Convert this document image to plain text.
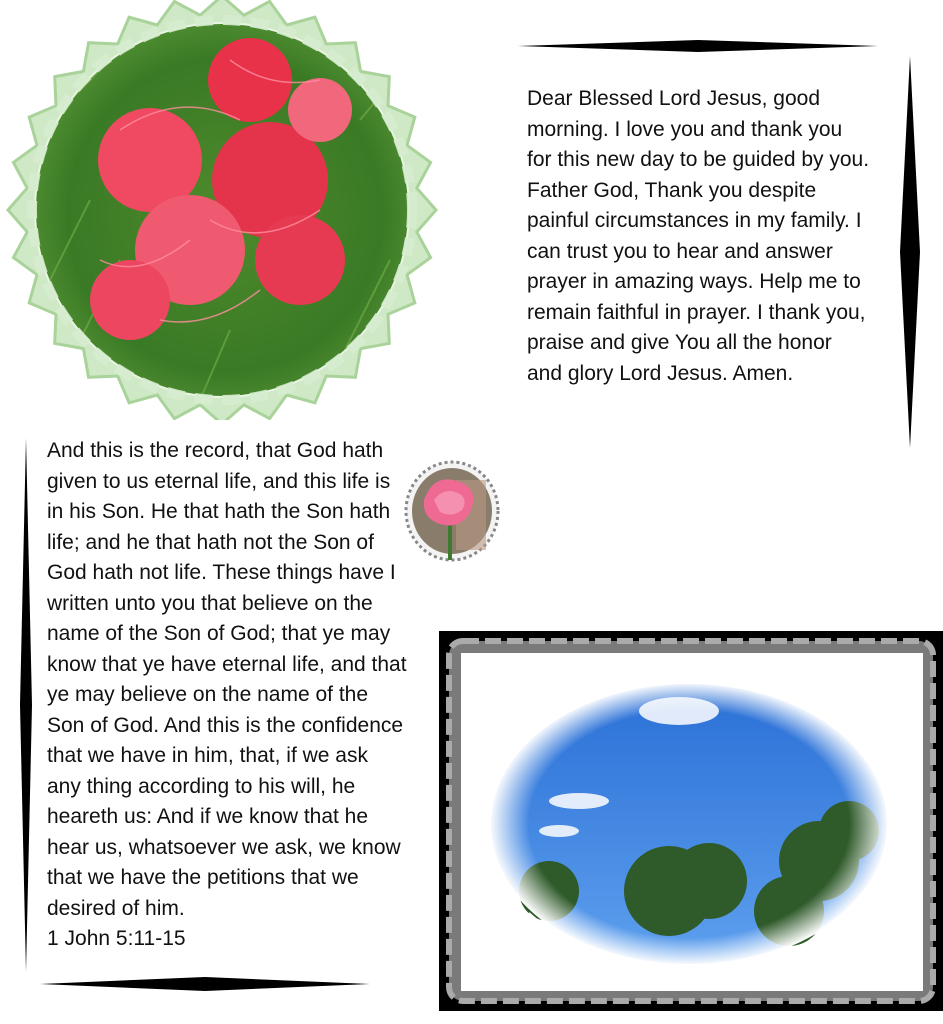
Dear Blessed Lord Jesus, good morning. I love you and thank you for this new day to be guided by you. Father God, Thank you despite painful circumstances in my family. I can trust you to hear and answer prayer in amazing ways. Help me to remain faithful in prayer. I thank you, praise and give You all the honor and glory Lord Jesus. Amen.
And this is the record, that God hath given to us eternal life, and this life is in his Son. He that hath the Son hath life; and he that hath not the Son of God hath not life. These things have I written unto you that believe on the name of the Son of God; that ye may know that ye have eternal life, and that ye may believe on the name of the Son of God. And this is the confidence that we have in him, that, if we ask any thing according to his will, he heareth us: And if we know that he hear us, whatsoever we ask, we know that we have the petitions that we desired of him.
1 John 5:11-15
